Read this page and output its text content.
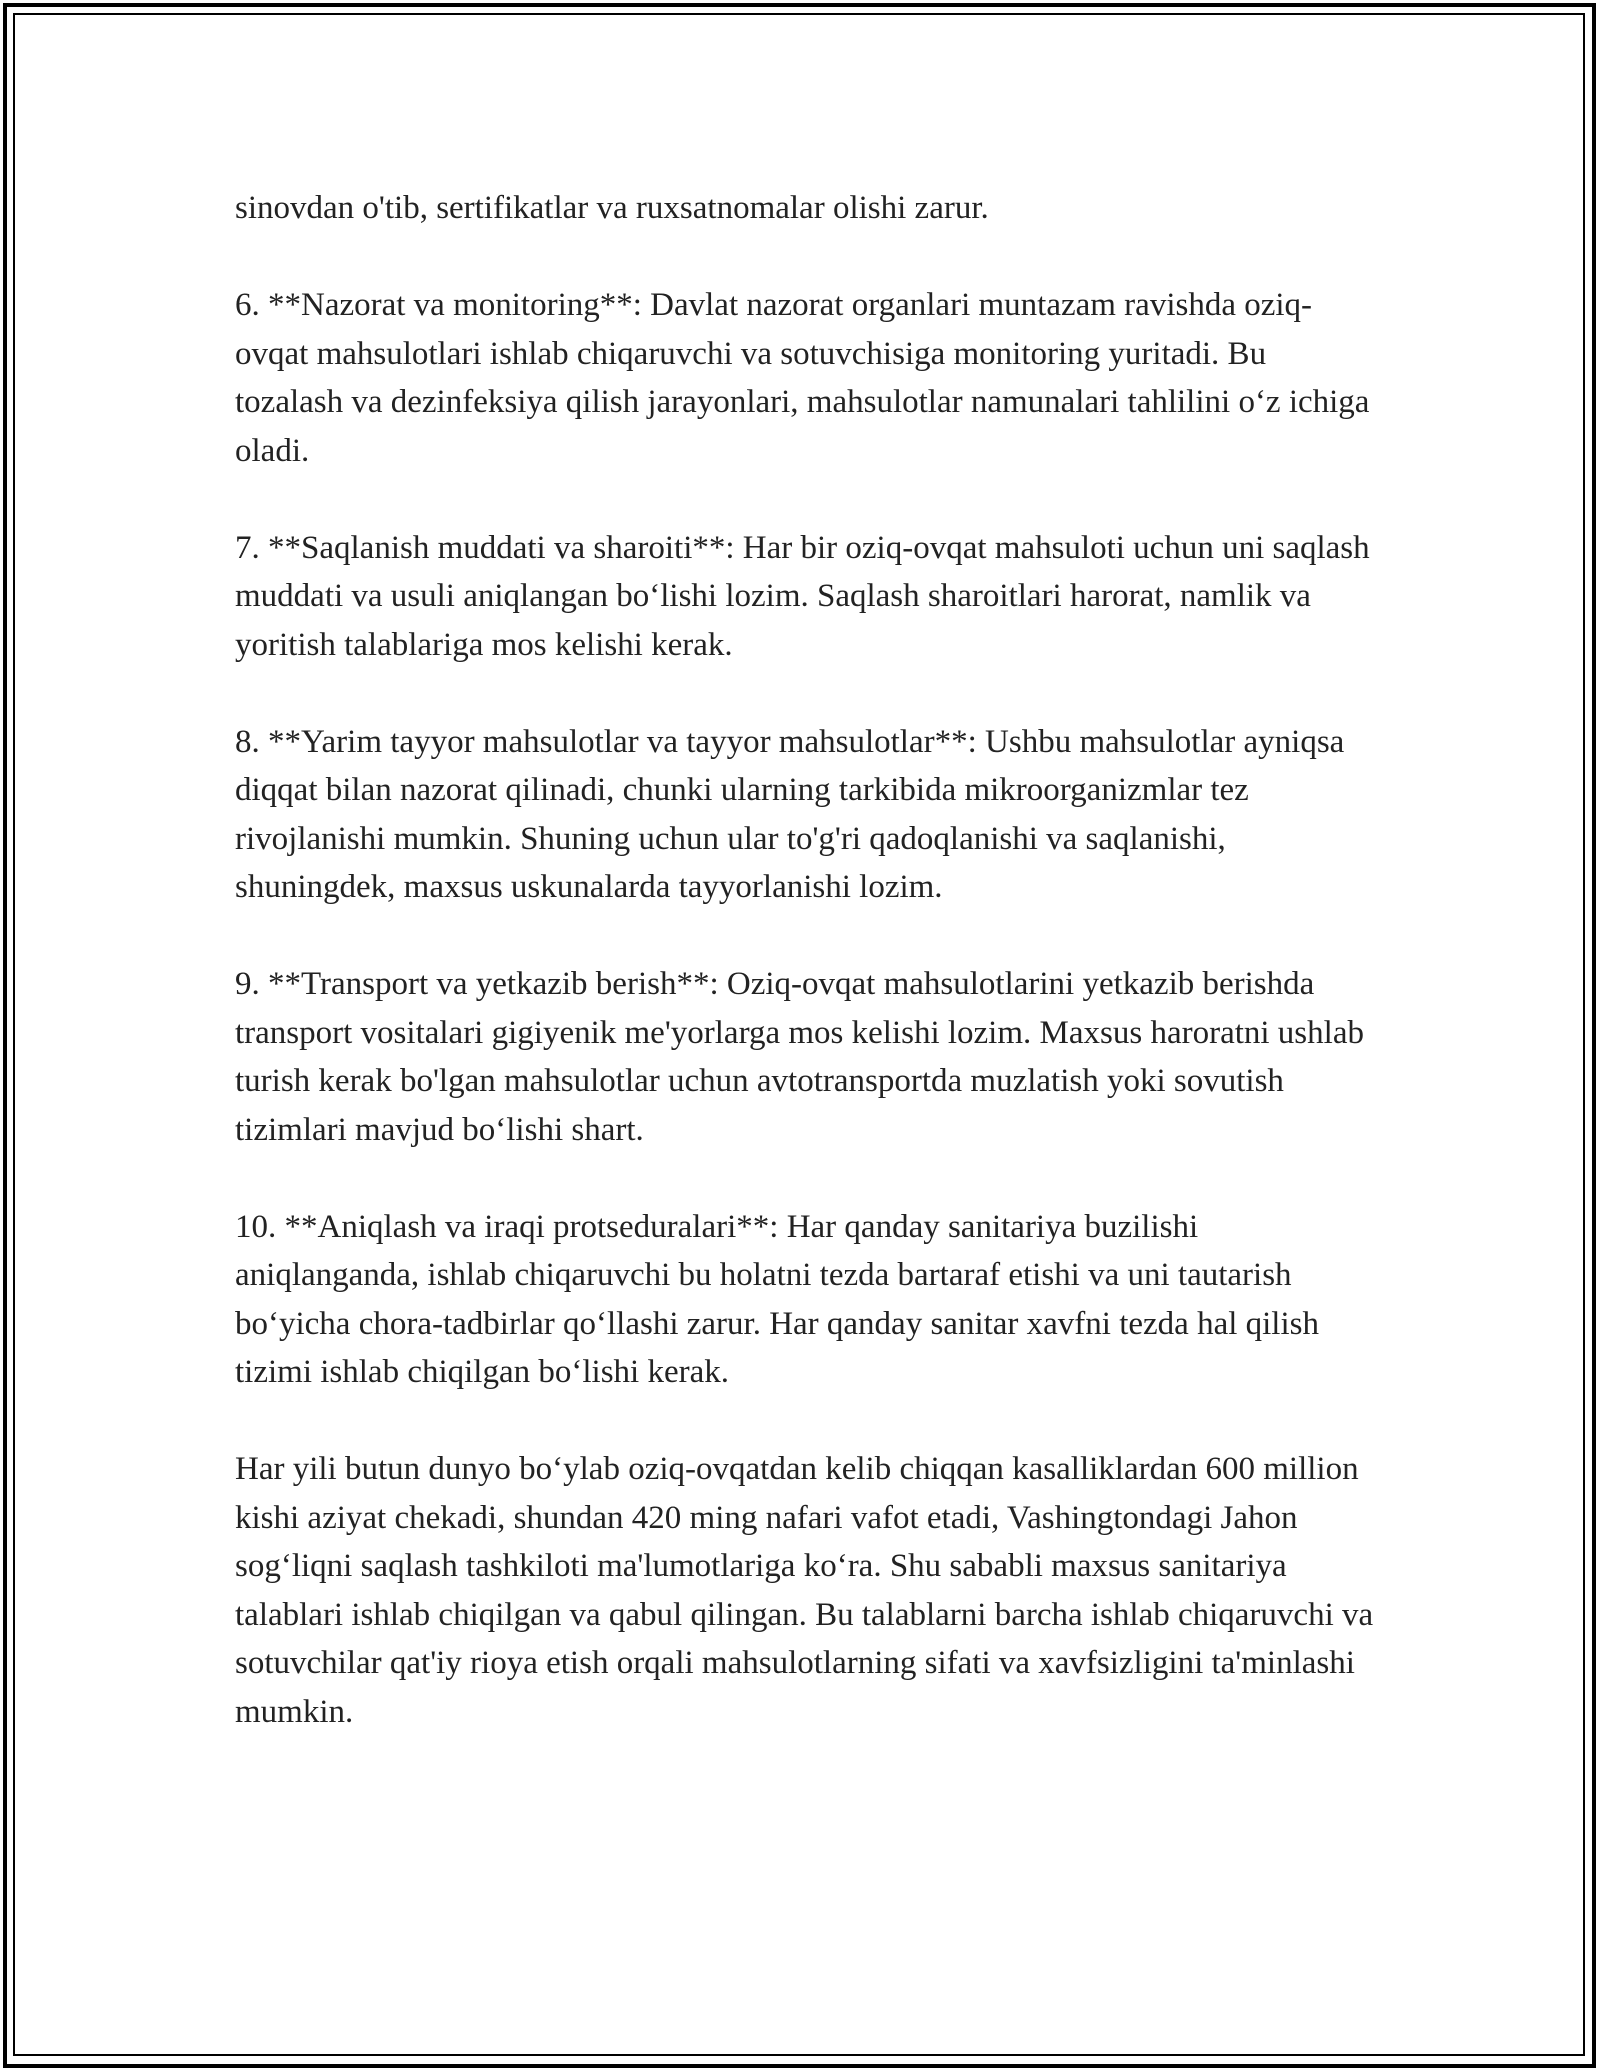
sinovdan o'tib, sertifikatlar va ruxsatnomalar olishi zarur.

6. **Nazorat va monitoring**: Davlat nazorat organlari muntazam ravishda oziq-ovqat mahsulotlari ishlab chiqaruvchi va sotuvchisiga monitoring yuritadi. Bu tozalash va dezinfeksiya qilish jarayonlari, mahsulotlar namunalari tahlilini o‘z ichiga oladi.

7. **Saqlanish muddati va sharoiti**: Har bir oziq-ovqat mahsuloti uchun uni saqlash muddati va usuli aniqlangan bo‘lishi lozim. Saqlash sharoitlari harorat, namlik va yoritish talablariga mos kelishi kerak.

8. **Yarim tayyor mahsulotlar va tayyor mahsulotlar**: Ushbu mahsulotlar ayniqsa diqqat bilan nazorat qilinadi, chunki ularning tarkibida mikroorganizmlar tez rivojlanishi mumkin. Shuning uchun ular to'g'ri qadoqlanishi va saqlanishi, shuningdek, maxsus uskunalarda tayyorlanishi lozim.

9. **Transport va yetkazib berish**: Oziq-ovqat mahsulotlarini yetkazib berishda transport vositalari gigiyenik me'yorlarga mos kelishi lozim. Maxsus haroratni ushlab turish kerak bo'lgan mahsulotlar uchun avtotransportda muzlatish yoki sovutish tizimlari mavjud bo‘lishi shart.

10. **Aniqlash va iraqi protseduralari**: Har qanday sanitariya buzilishi aniqlanganda, ishlab chiqaruvchi bu holatni tezda bartaraf etishi va uni tautarish bo‘yicha chora-tadbirlar qo‘llashi zarur. Har qanday sanitar xavfni tezda hal qilish tizimi ishlab chiqilgan bo‘lishi kerak.

Har yili butun dunyo bo‘ylab oziq-ovqatdan kelib chiqqan kasalliklardan 600 million kishi aziyat chekadi, shundan 420 ming nafari vafot etadi, Vashingtondagi Jahon sog‘liqni saqlash tashkiloti ma'lumotlariga ko‘ra. Shu sababli maxsus sanitariya talablari ishlab chiqilgan va qabul qilingan. Bu talablarni barcha ishlab chiqaruvchi va sotuvchilar qat'iy rioya etish orqali mahsulotlarning sifati va xavfsizligini ta'minlashi mumkin.
